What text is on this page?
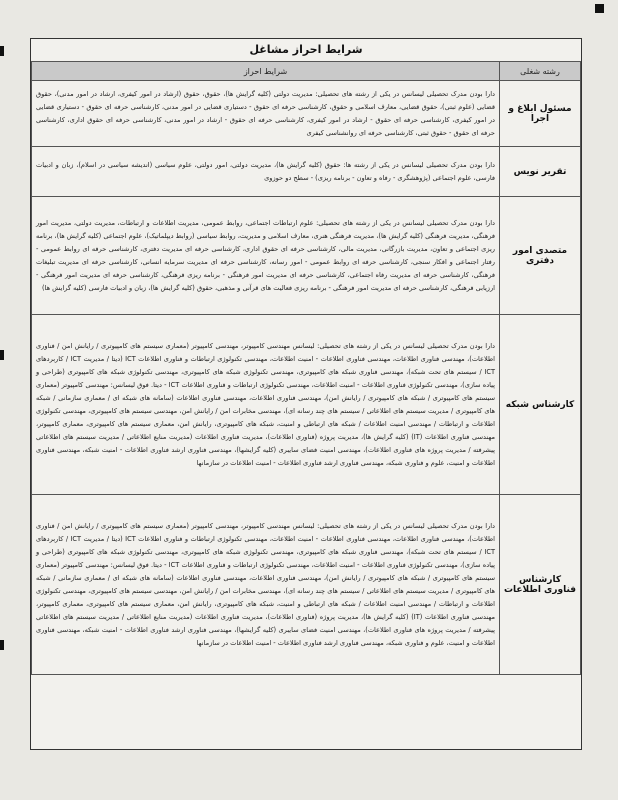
شرایط احراز مشاغل
رشته شغلی	شرایط احراز
مسئول ابلاغ و اجرا	دارا بودن مدرک تحصیلی لیسانس در یکی از رشته های تحصیلی: مدیریت دولتی (کلیه گرایش ها)، حقوق، حقوق (ارشاد در امور کیفری، ارشاد در امور مدنی)، حقوق قضایی (علوم ثبتی)، حقوق قضایی، معارف اسلامی و حقوق، کارشناسی حرفه ای حقوق - دستیاری قضایی در امور مدنی، کارشناسی حرفه ای حقوق - دستیاری قضایی در امور کیفری، کارشناسی حرفه ای حقوق - ارشاد در امور کیفری، کارشناسی حرفه ای حقوق - ارشاد در امور مدنی، کارشناسی حرفه ای حقوق اداری، کارشناسی حرفه ای حقوق - حقوق ثبتی، کارشناسی حرفه ای روانشناسی کیفری
تقریر نویس	دارا بودن مدرک تحصیلی لیسانس در یکی از رشته ها: حقوق (کلیه گرایش ها)، مدیریت دولتی، امور دولتی، علوم سیاسی (اندیشه سیاسی در اسلام)، زبان و ادبیات فارسی، علوم اجتماعی (پژوهشگری - رفاه و تعاون - برنامه ریزی) - سطح دو حوزوی
متصدی امور دفتری	دارا بودن مدرک تحصیلی لیسانس در یکی از رشته های تحصیلی: علوم ارتباطات اجتماعی، روابط عمومی، مدیریت اطلاعات و ارتباطات، مدیریت دولتی، مدیریت امور فرهنگی، مدیریت فرهنگی (کلیه گرایش ها)، مدیریت فرهنگی هنری، معارف اسلامی و مدیریت، روابط سیاسی (روابط دیپلماتیک)، علوم اجتماعی (کلیه گرایش ها)، برنامه ریزی اجتماعی و تعاون، مدیریت بازرگانی، مدیریت مالی، کارشناسی حرفه ای حقوق اداری، کارشناسی حرفه ای مدیریت دفتری، کارشناسی حرفه ای روابط عمومی - رفتار اجتماعی و افکار سنجی، کارشناسی حرفه ای روابط عمومی - امور رسانه، کارشناسی حرفه ای مدیریت سرمایه انسانی، کارشناسی حرفه ای مدیریت تبلیغات فرهنگی، کارشناسی حرفه ای مدیریت رفاه اجتماعی، کارشناسی حرفه ای مدیریت امور فرهنگی - برنامه ریزی فرهنگی، کارشناسی حرفه ای مدیریت امور فرهنگی - ارزیابی فرهنگی، کارشناسی حرفه ای مدیریت امور فرهنگی - برنامه ریزی فعالیت های قرآنی و مذهبی، حقوق (کلیه گرایش ها)، زبان و ادبیات فارسی (کلیه گرایش ها)
کارشناس شبکه	دارا بودن مدرک تحصیلی لیسانس در یکی از رشته های تحصیلی: لیسانس مهندسی کامپیوتر، مهندسی کامپیوتر (معماری سیستم های کامپیوتری / رایانش امن / فناوری اطلاعات)، مهندسی فناوری اطلاعات، مهندسی فناوری اطلاعات - امنیت اطلاعات، مهندسی تکنولوژی ارتباطات و فناوری اطلاعات ICT (دیتا / مدیریت ICT / کاربردهای ICT / سیستم های تحت شبکه)، مهندسی فناوری شبکه های کامپیوتری، مهندسی تکنولوژی شبکه های کامپیوتری، مهندسی تکنولوژی شبکه های کامپیوتری (طراحی و پیاده سازی)، مهندسی تکنولوژی فناوری اطلاعات - امنیت اطلاعات، مهندسی تکنولوژی ارتباطات و فناوری اطلاعات ICT - دیتا. فوق لیسانس: مهندسی کامپیوتر (معماری سیستم های کامپیوتری / شبکه های کامپیوتری / رایانش امن)، مهندسی فناوری اطلاعات، مهندسی فناوری اطلاعات (سامانه های شبکه ای / معماری سازمانی / شبکه های کامپیوتری / مدیریت سیستم های اطلاعاتی / سیستم های چند رسانه ای)، مهندسی مخابرات امن / رایانش امن، مهندسی سیستم های کامپیوتری، مهندسی تکنولوژی اطلاعات و ارتباطات / مهندسی امنیت اطلاعات / شبکه های ارتباطی و امنیت، شبکه های کامپیوتری، رایانش امن، معماری سیستم های کامپیوتری، معماری کامپیوتر، مهندسی فناوری اطلاعات (IT) (کلیه گرایش ها)، مدیریت پروژه (فناوری اطلاعات)، مدیریت فناوری اطلاعات (مدیریت منابع اطلاعاتی / مدیریت سیستم های اطلاعاتی پیشرفته / مدیریت پروژه های فناوری اطلاعات)، مهندسی امنیت فضای سایبری (کلیه گرایشها)، مهندسی فناوری ارشد فناوری اطلاعات - امنیت شبکه، مهندسی فناوری اطلاعات و امنیت، علوم و فناوری شبکه، مهندسی فناوری ارشد فناوری اطلاعات - امنیت اطلاعات در سازمانها
کارشناس فناوری اطلاعات	دارا بودن مدرک تحصیلی لیسانس در یکی از رشته های تحصیلی: لیسانس مهندسی کامپیوتر، مهندسی کامپیوتر (معماری سیستم های کامپیوتری / رایانش امن / فناوری اطلاعات)، مهندسی فناوری اطلاعات، مهندسی فناوری اطلاعات - امنیت اطلاعات، مهندسی تکنولوژی ارتباطات و فناوری اطلاعات ICT (دیتا / مدیریت ICT / کاربردهای ICT / سیستم های تحت شبکه)، مهندسی فناوری شبکه های کامپیوتری، مهندسی تکنولوژی شبکه های کامپیوتری، مهندسی تکنولوژی شبکه های کامپیوتری (طراحی و پیاده سازی)، مهندسی تکنولوژی فناوری اطلاعات - امنیت اطلاعات، مهندسی تکنولوژی ارتباطات و فناوری اطلاعات ICT - دیتا. فوق لیسانس: مهندسی کامپیوتر (معماری سیستم های کامپیوتری / شبکه های کامپیوتری / رایانش امن)، مهندسی فناوری اطلاعات، مهندسی فناوری اطلاعات (سامانه های شبکه ای / معماری سازمانی / شبکه های کامپیوتری / مدیریت سیستم های اطلاعاتی / سیستم های چند رسانه ای)، مهندسی مخابرات امن / رایانش امن، مهندسی سیستم های کامپیوتری، مهندسی تکنولوژی اطلاعات و ارتباطات / مهندسی امنیت اطلاعات / شبکه های ارتباطی و امنیت، شبکه های کامپیوتری، رایانش امن، معماری سیستم های کامپیوتری، معماری کامپیوتر، مهندسی فناوری اطلاعات (IT) (کلیه گرایش ها)، مدیریت پروژه (فناوری اطلاعات)، مدیریت فناوری اطلاعات (مدیریت منابع اطلاعاتی / مدیریت سیستم های اطلاعاتی پیشرفته / مدیریت پروژه های فناوری اطلاعات)، مهندسی امنیت فضای سایبری (کلیه گرایشها)، مهندسی فناوری ارشد فناوری اطلاعات - امنیت شبکه، مهندسی فناوری اطلاعات و امنیت، علوم و فناوری شبکه، مهندسی فناوری ارشد فناوری اطلاعات - امنیت اطلاعات در سازمانها
